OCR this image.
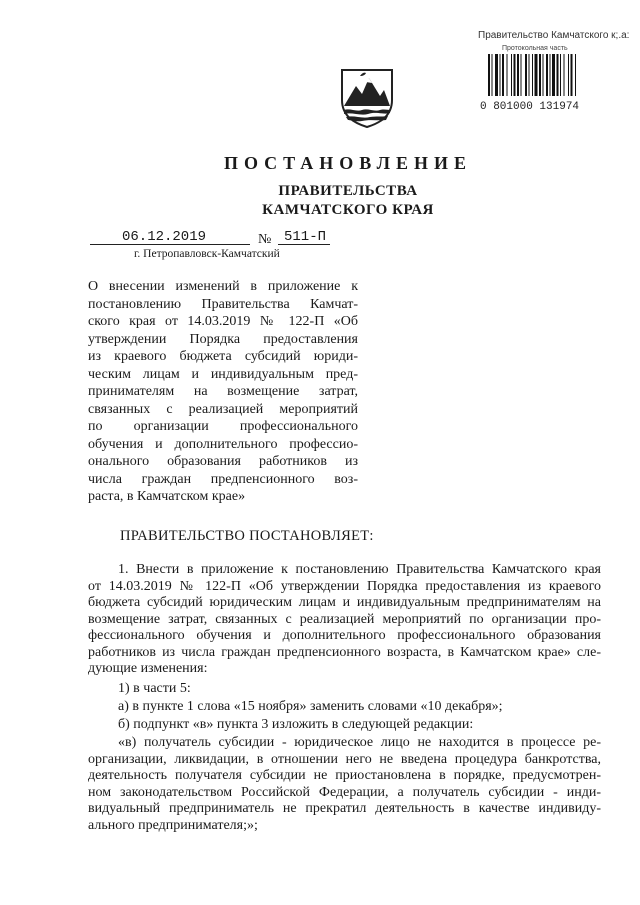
Правительство Камчатского к;.а:
Протокольная часть
0 801000 131974
ПОСТАНОВЛЕНИЕ
ПРАВИТЕЛЬСТВА
КАМЧАТСКОГО КРАЯ
06.12.2019	№ 511-П
г. Петропавловск-Камчатский
О внесении изменений в приложение к
постановлению Правительства Камчат-
ского края от 14.03.2019 № 122-П «Об
утверждении Порядка предоставления
из краевого бюджета субсидий юриди-
ческим лицам и индивидуальным пред-
принимателям на возмещение затрат,
связанных с реализацией мероприятий
по организации профессионального
обучения и дополнительного профессио-
онального образования работников из
числа граждан предпенсионного воз-
раста, в Камчатском крае»
ПРАВИТЕЛЬСТВО ПОСТАНОВЛЯЕТ:
1. Внести в приложение к постановлению Правительства Камчатского края
от 14.03.2019 № 122-П «Об утверждении Порядка предоставления из краевого
бюджета субсидий юридическим лицам и индивидуальным предпринимателям на
возмещение затрат, связанных с реализацией мероприятий по организации про-
фессионального обучения и дополнительного профессионального образования
работников из числа граждан предпенсионного возраста, в Камчатском крае» сле-
дующие изменения:
1) в части 5:
а) в пункте 1 слова «15 ноября» заменить словами «10 декабря»;
б) подпункт «в» пункта 3 изложить в следующей редакции:
«в) получатель субсидии - юридическое лицо не находится в процессе ре-
организации, ликвидации, в отношении него не введена процедура банкротства,
деятельность получателя субсидии не приостановлена в порядке, предусмотрен-
ном законодательством Российской Федерации, а получатель субсидии - инди-
видуальный предприниматель не прекратил деятельность в качестве индивиду-
ального предпринимателя;»;
